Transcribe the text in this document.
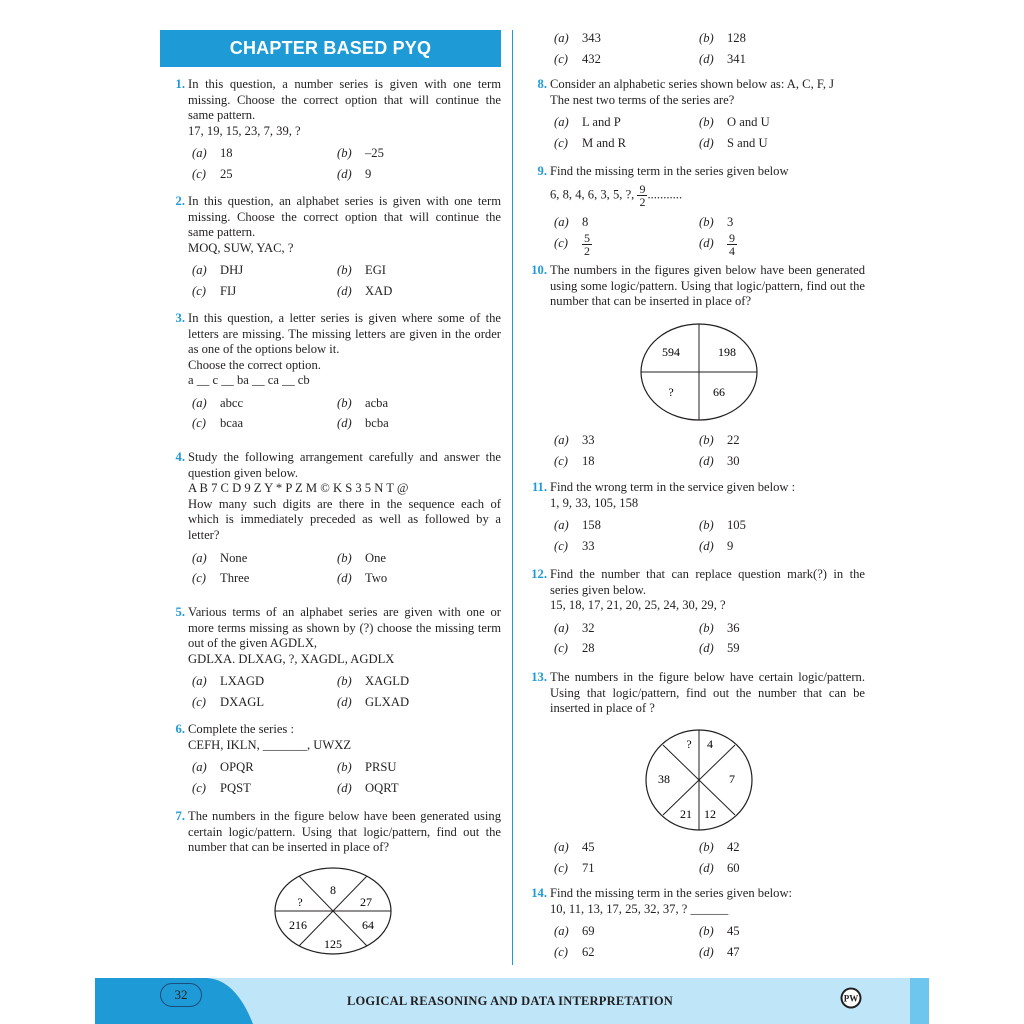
CHAPTER BASED PYQ
1. In this question, a number series is given with one term missing. Choose the correct option that will continue the same pattern.

17, 19, 15, 23, 7, 39, ?

(a) 18	(b) –25
(c) 25	(d) 9
2. In this question, an alphabet series is given with one term missing. Choose the correct option that will continue the same pattern.

MOQ, SUW, YAC, ?

(a) DHJ	(b) EGI
(c) FIJ	(d) XAD
3. In this question, a letter series is given where some of the letters are missing. The missing letters are given in the order as one of the options below it.

Choose the correct option.

a __ c __ ba __ ca __ cb

(a) abcc	(b) acba
(c) bcaa	(d) bcba
4. Study the following arrangement carefully and answer the question given below.

A B 7 C D 9 Z Y * P Z M © K S 3 5 N T @

How many such digits are there in the sequence each of which is immediately preceded as well as followed by a letter?

(a) None	(b) One
(c) Three	(d) Two
5. Various terms of an alphabet series are given with one or more terms missing as shown by (?) choose the missing term out of the given AGDLX,

GDLXA. DLXAG, ?, XAGDL, AGDLX

(a) LXAGD	(b) XAGLD
(c) DXAGL	(d) GLXAD
6. Complete the series :

CEFH, IKLN, _______, UWXZ

(a) OPQR	(b) PRSU
(c) PQST	(d) OQRT
7. The numbers in the figure below have been generated using certain logic/pattern. Using that logic/pattern, find out the number that can be inserted in place of?

8
27
64
125
216
?
(a) 343	(b) 128
(c) 432	(d) 341
8. Consider an alphabetic series shown below as: A, C, F, J

The nest two terms of the series are?

(a) L and P	(b) O and U
(c) M and R	(d) S and U
9. Find the missing term in the series given below

6, 8, 4, 6, 3, 5, ?, $\frac{9}{2}$ ...........

(a) 8	(b) 3
$(c) \frac{5}{2}$	$(d) \frac{9}{4}$
10. The numbers in the figures given below have been generated using some logic/pattern. Using that logic/pattern, find out the number that can be inserted in place of?

594	198
?	66
(a) 33	(b) 22
(c) 18	(d) 30
11. Find the wrong term in the service given below :

1, 9, 33, 105, 158

(a) 158	(b) 105
(c) 33	(d) 9
12. Find the number that can replace question mark(?) in the series given below.

15, 18, 17, 21, 20, 25, 24, 30, 29, ?

(a) 32	(b) 36
(c) 28	(d) 59
13. The numbers in the figure below have certain logic/pattern. Using that logic/pattern, find out the number that can be inserted in place of ?

? 4
7
12
21
38
(a) 45	(b) 42
(c) 71	(d) 60
14. Find the missing term in the series given below:

10, 11, 13, 17, 25, 32, 37, ? ______

(a) 69	(b) 45
(c) 62	(d) 47
32	LOGICAL REASONING AND DATA INTERPRETATION	PW
